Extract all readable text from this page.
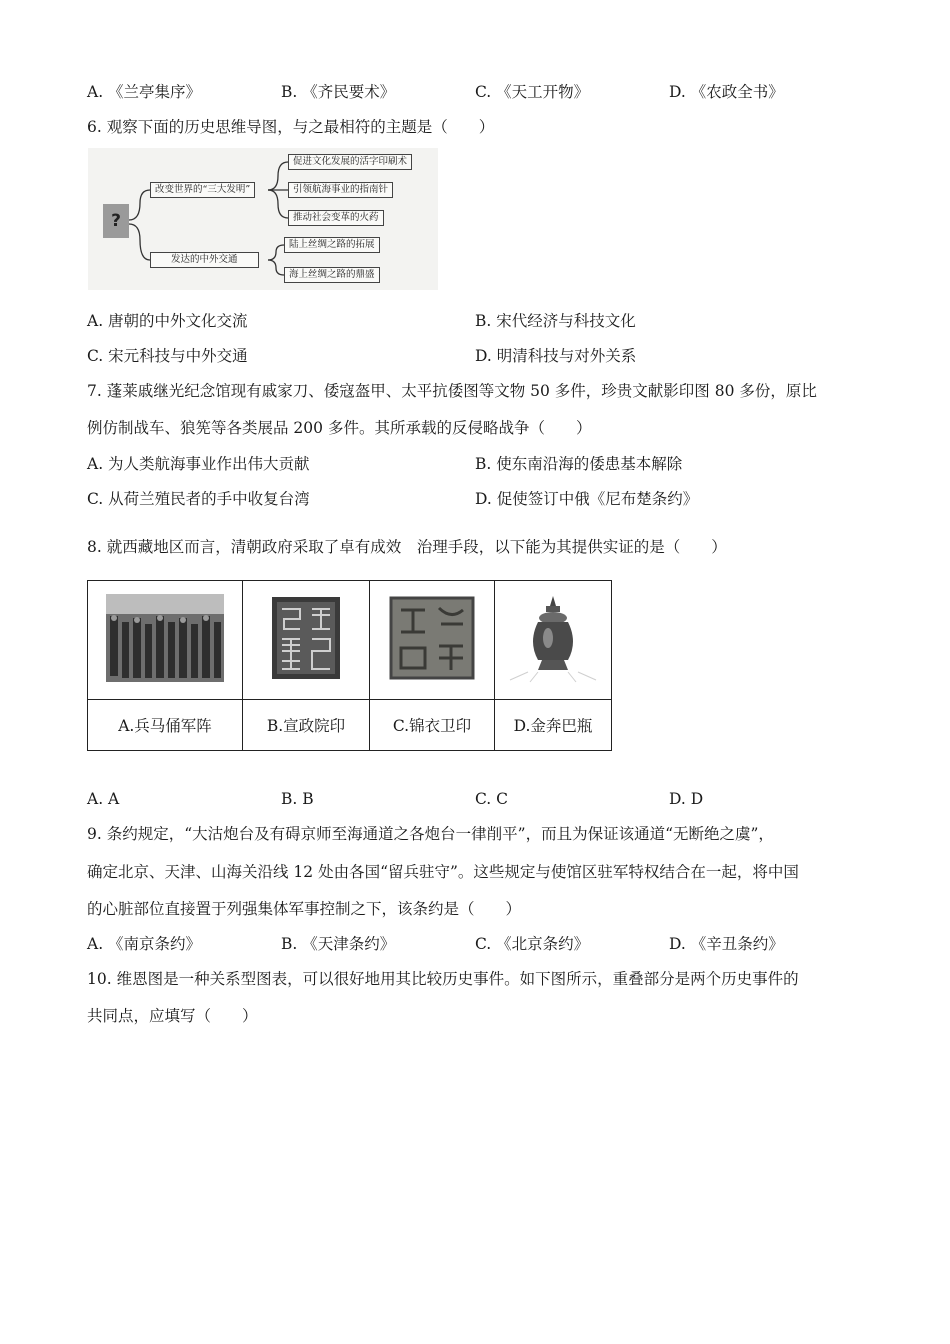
A. 《兰亭集序》	B. 《齐民要术》	C. 《天工开物》	D. 《农政全书》
6. 观察下面的历史思维导图，与之最相符的主题是（　　）
?
改变世界的“三大发明”
促进文化发展的活字印刷术
引领航海事业的指南针
推动社会变革的火药
发达的中外交通
陆上丝绸之路的拓展
海上丝绸之路的鼎盛
A. 唐朝的中外文化交流	B. 宋代经济与科技文化
C. 宋元科技与中外交通	D. 明清科技与对外关系
7. 蓬莱戚继光纪念馆现有戚家刀、倭寇盔甲、太平抗倭图等文物 50 多件，珍贵文献影印图 80 多份，原比
例仿制战车、狼筅等各类展品 200 多件。其所承载的反侵略战争（　　）
A. 为人类航海事业作出伟大贡献	B. 使东南沿海的倭患基本解除
C. 从荷兰殖民者的手中收复台湾	D. 促使签订中俄《尼布楚条约》
8. 就西藏地区而言，清朝政府采取了卓有成效　治理手段，以下能为其提供实证的是（　　）

A.兵马俑军阵	B.宣政院印	C.锦衣卫印	D.金奔巴瓶
A. A	B. B	C. C	D. D
9. 条约规定，“大沽炮台及有碍京师至海通道之各炮台一律削平”，而且为保证该通道“无断绝之虞”，
确定北京、天津、山海关沿线 12 处由各国“留兵驻守”。这些规定与使馆区驻军特权结合在一起，将中国
的心脏部位直接置于列强集体军事控制之下，该条约是（　　）
A. 《南京条约》	B. 《天津条约》	C. 《北京条约》	D. 《辛丑条约》
10. 维恩图是一种关系型图表，可以很好地用其比较历史事件。如下图所示，重叠部分是两个历史事件的
共同点，应填写（　　）
